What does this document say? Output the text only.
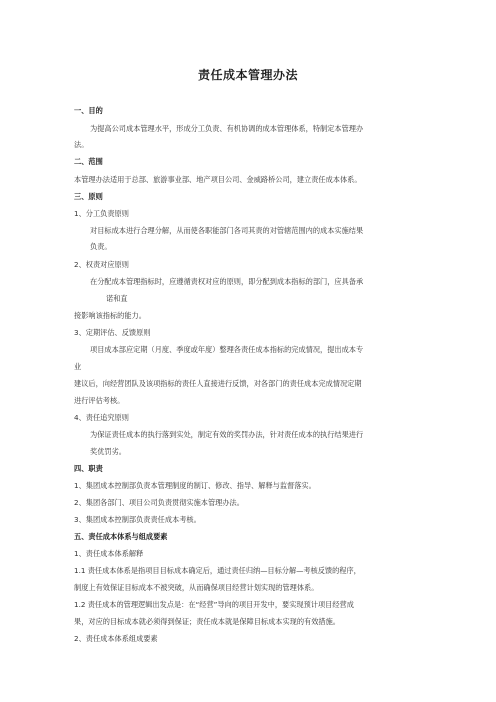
责任成本管理办法
一、目的
为提高公司成本管理水平，形成分工负责、有机协调的成本管理体系，特制定本管理办
法。
二、范围
本管理办法适用于总部、旅游事业部、地产项目公司、金威路桥公司，建立责任成本体系。
三、原则
1、分工负责原则
对目标成本进行合理分解，从而使各职能部门各司其责的对管辖范围内的成本实施结果
负责。
2、权责对应原则
在分配成本管理指标时，应遵循责权对应的原则，即分配到成本指标的部门，应具备承
诺和直
接影响该指标的能力。
3、定期评估、反馈原则
项目成本部应定期（月度、季度或年度）整理各责任成本指标的完成情况，提出成本专
业
建议后，向经营团队及该项指标的责任人直接进行反馈，对各部门的责任成本完成情况定期
进行评估考核。
4、责任追究原则
为保证责任成本的执行落到实处，制定有效的奖罚办法，针对责任成本的执行结果进行
奖优罚劣。
四、职责
1、集团成本控制部负责本管理制度的制订、修改、指导、解释与监督落实。
2、集团各部门、项目公司负责贯彻实施本管理办法。
3、集团成本控制部负责责任成本考核。
五、责任成本体系与组成要素
1、责任成本体系解释
1.1 责任成本体系是指项目目标成本确定后，通过责任归纳—目标分解—考核反馈的程序，
制度上有效保证目标成本不被突破，从而确保项目经营计划实现的管理体系。
1.2 责任成本的管理逻辑出发点是：在“经营”导向的项目开发中，要实现预计项目经营成
果，对应的目标成本就必须得到保证；责任成本就是保障目标成本实现的有效措施。
2、责任成本体系组成要素
